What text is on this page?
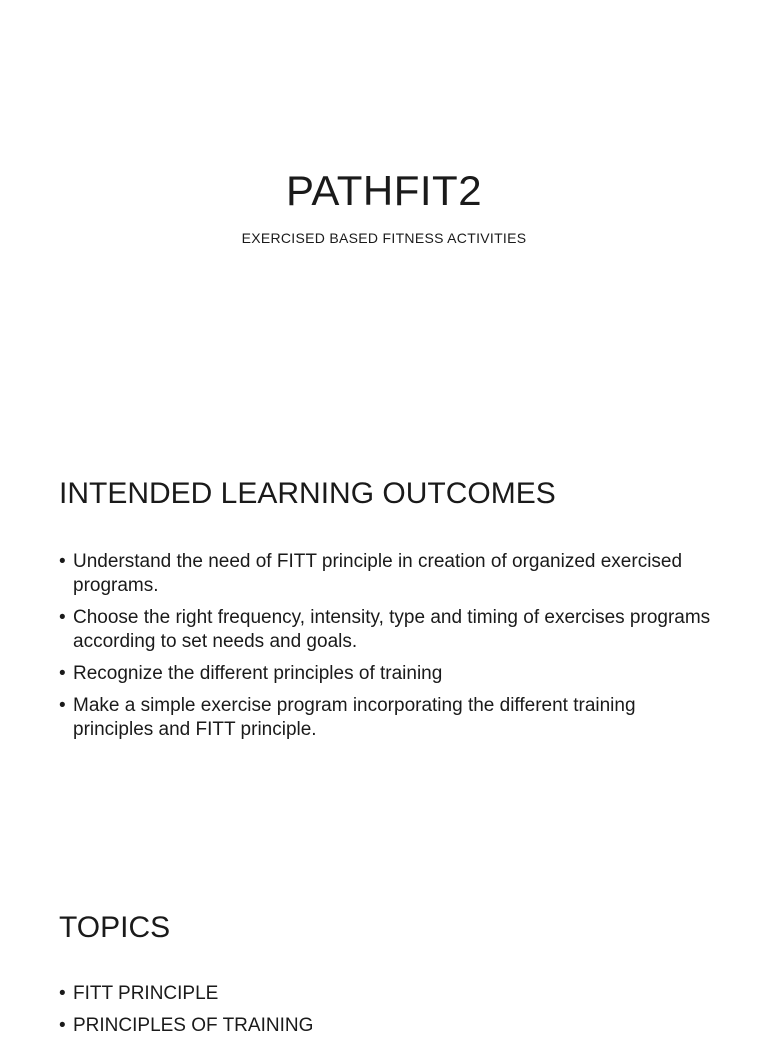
PATHFIT2
EXERCISED BASED FITNESS ACTIVITIES
INTENDED LEARNING OUTCOMES
• Understand the need of FITT principle in creation of organized exercised programs.
• Choose the right frequency, intensity, type and timing of exercises programs according to set needs and goals.
• Recognize the different principles of training
• Make a simple exercise program incorporating the different training principles and FITT principle.
TOPICS
• FITT PRINCIPLE
• PRINCIPLES OF TRAINING
